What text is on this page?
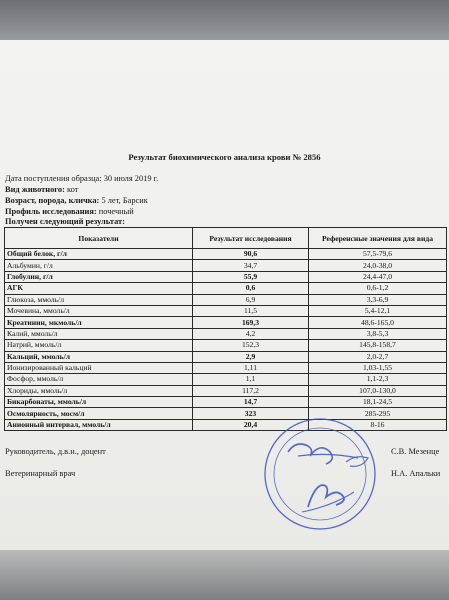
Результат биохимического анализа крови № 2856
Дата поступления образца: 30 июля 2019 г.
Вид животного: кот
Возраст, порода, кличка: 5 лет, Барсик
Профиль исследования: почечный
Получен следующий результат:
Показатели	Результат исследования	Референсные значения для вида
Общий белок, г/л	90,6	57,5-79,6
Альбумин, г/л	34,7	24,0-38,0
Глобулин, г/л	55,9	24,4-47,0
АГК	0,6	0,6-1,2
Глюкоза, ммоль/л	6,9	3,3-6,9
Мочевина, ммоль/л	11,5	5,4-12,1
Креатинин, мкмоль/л	169,3	48,6-165,0
Калий, ммоль/л	4,2	3,8-5,3
Натрий, ммоль/л	152,3	145,8-158,7
Кальций, ммоль/л	2,9	2,0-2,7
Ионизированный кальций	1,11	1,03-1,55
Фосфор, ммоль/л	1,1	1,1-2,3
Хлориды, ммоль/л	117,2	107,0-130,0
Бикарбонаты, ммоль/л	14,7	18,1-24,5
Осмолярность, мосм/л	323	285-295
Анионный интервал, ммоль/л	20,4	8-16
Руководитель, д.в.н., доцент	С.В. Мезенце
Ветеринарный врач	Н.А. Апальки
